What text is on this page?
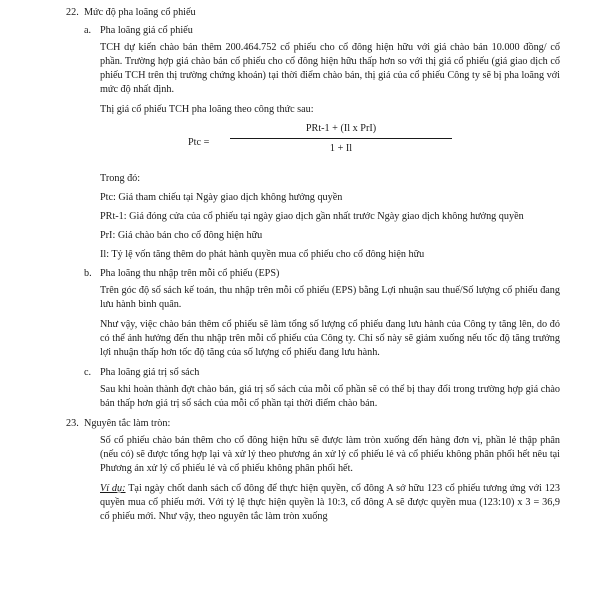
22. Mức độ pha loãng cổ phiếu
a. Pha loãng giá cổ phiếu
TCH dự kiến chào bán thêm 200.464.752 cổ phiếu cho cổ đông hiện hữu với giá chào bán 10.000 đồng/ cổ phần. Trường hợp giá chào bán cổ phiếu cho cổ đông hiện hữu thấp hơn so với thị giá cổ phiếu (giá giao dịch cổ phiếu TCH trên thị trường chứng khoán) tại thời điểm chào bán, thị giá của cổ phiếu Công ty sẽ bị pha loãng với mức độ nhất định.
Thị giá cổ phiếu TCH pha loãng theo công thức sau:
Ptc =
PRt-1 + (Il x PrI)
1 + Il
Trong đó:
Ptc: Giá tham chiếu tại Ngày giao dịch không hưởng quyền
PRt-1: Giá đóng cửa của cổ phiếu tại ngày giao dịch gần nhất trước Ngày giao dịch không hưởng quyền
PrI: Giá chào bán cho cổ đông hiện hữu
Il: Tỷ lệ vốn tăng thêm do phát hành quyền mua cổ phiếu cho cổ đông hiện hữu
b. Pha loãng thu nhập trên mỗi cổ phiếu (EPS)
Trên góc độ sổ sách kế toán, thu nhập trên mỗi cổ phiếu (EPS) bằng Lợi nhuận sau thuế/Số lượng cổ phiếu đang lưu hành bình quân.
Như vậy, việc chào bán thêm cổ phiếu sẽ làm tổng số lượng cổ phiếu đang lưu hành của Công ty tăng lên, do đó có thể ảnh hưởng đến thu nhập trên mỗi cổ phiếu của Công ty. Chỉ số này sẽ giảm xuống nếu tốc độ tăng trưởng lợi nhuận thấp hơn tốc độ tăng của số lượng cổ phiếu đang lưu hành.
c. Pha loãng giá trị sổ sách
Sau khi hoàn thành đợt chào bán, giá trị sổ sách của mỗi cổ phần sẽ có thể bị thay đổi trong trường hợp giá chào bán thấp hơn giá trị sổ sách của mỗi cổ phần tại thời điểm chào bán.
23. Nguyên tắc làm tròn:
Số cổ phiếu chào bán thêm cho cổ đông hiện hữu sẽ được làm tròn xuống đến hàng đơn vị, phần lẻ thập phân (nếu có) sẽ được tổng hợp lại và xử lý theo phương án xử lý cổ phiếu lẻ và cổ phiếu không phân phối hết nêu tại Phương án xử lý cổ phiếu lẻ và cổ phiếu không phân phối hết.
Ví dụ: Tại ngày chốt danh sách cổ đông để thực hiện quyền, cổ đông A sở hữu 123 cổ phiếu tương ứng với 123 quyền mua cổ phiếu mới. Với tỷ lệ thực hiện quyền là 10:3, cổ đông A sẽ được quyền mua (123:10) x 3 = 36,9 cổ phiếu mới. Như vậy, theo nguyên tắc làm tròn xuống
